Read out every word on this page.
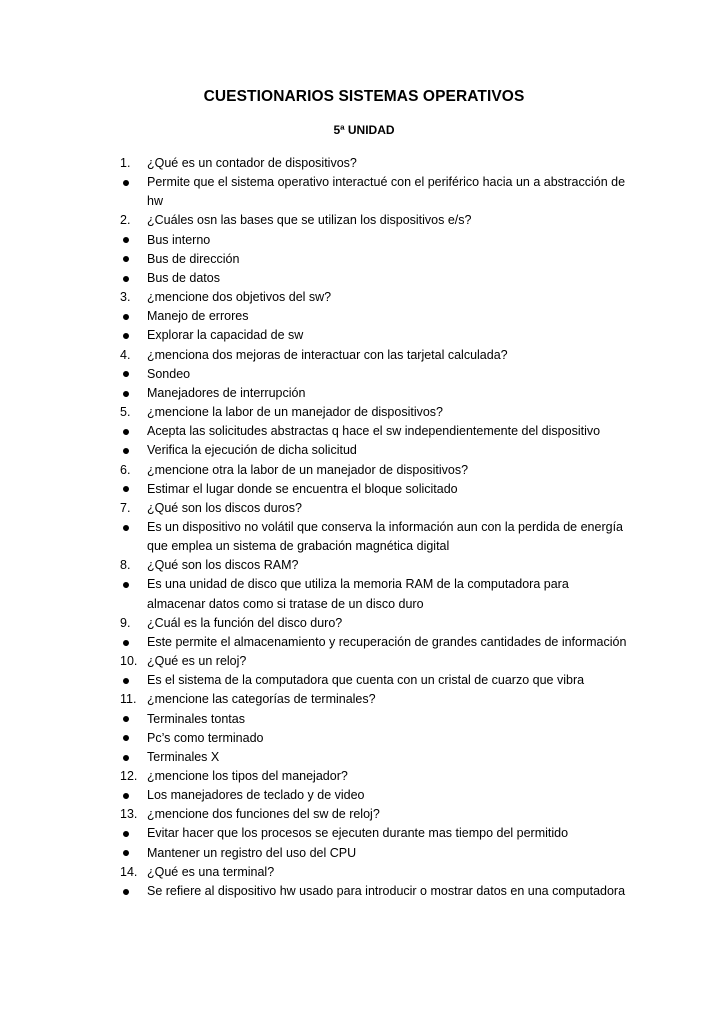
CUESTIONARIOS SISTEMAS OPERATIVOS
5ª UNIDAD
1.	¿Qué es un contador de dispositivos?
Permite que el sistema operativo interactué con el periférico hacia un a abstracción de hw
2.	¿Cuáles osn las bases que se utilizan los dispositivos e/s?
Bus interno
Bus de dirección
Bus de datos
3.	¿mencione dos objetivos del sw?
Manejo de errores
Explorar la capacidad de sw
4.	¿menciona dos mejoras de interactuar con las tarjetal calculada?
Sondeo
Manejadores de interrupción
5.	¿mencione la labor de un manejador de dispositivos?
Acepta las solicitudes abstractas q hace el sw independientemente del dispositivo
Verifica la ejecución de dicha solicitud
6.	¿mencione otra la labor de un manejador de dispositivos?
Estimar el lugar donde se encuentra el bloque solicitado
7.	¿Qué son los discos duros?
Es un dispositivo no volátil que conserva la información aun con la perdida de energía que emplea un sistema de grabación magnética digital
8.	¿Qué son los discos RAM?
Es una unidad de disco que utiliza la memoria RAM de la computadora para almacenar datos como si tratase de un disco duro
9.	¿Cuál es la función del disco duro?
Este permite el almacenamiento y recuperación de grandes cantidades de información
10. ¿Qué es un reloj?
Es el sistema de la computadora que cuenta con un cristal de cuarzo que vibra
11. ¿mencione las categorías de terminales?
Terminales tontas
Pc’s como terminado
Terminales X
12. ¿mencione los tipos del manejador?
Los manejadores de teclado y de video
13. ¿mencione dos funciones del sw de reloj?
Evitar hacer que los procesos se ejecuten durante mas tiempo del permitido
Mantener un registro del uso del CPU
14. ¿Qué es una terminal?
Se refiere al dispositivo hw usado para introducir o mostrar datos en una computadora
